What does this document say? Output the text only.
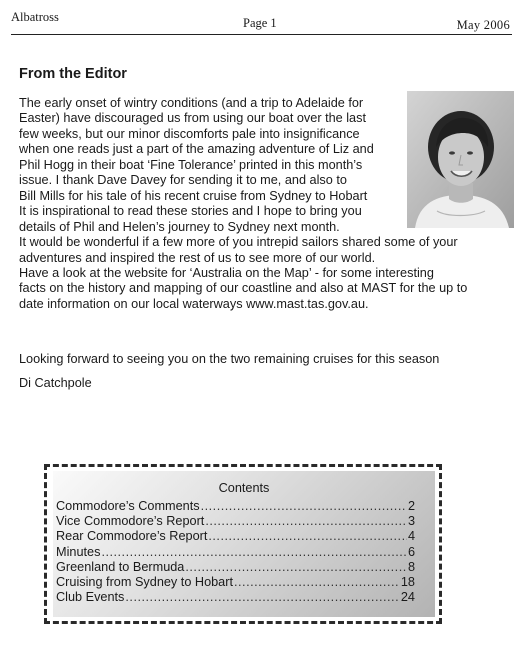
Albatross	Page 1	May 2006
From the Editor
The early onset of wintry conditions (and a trip to Adelaide for
Easter) have discouraged us from using our boat over the last
few weeks, but our minor discomforts pale into insignificance
when one reads just a part of the amazing adventure of Liz and
Phil Hogg in their boat ‘Fine Tolerance’ printed in this month’s
issue. I thank Dave Davey for sending it to me, and also to
Bill Mills for his tale of his recent cruise from Sydney to Hobart
It is inspirational to read these stories and I hope to bring you
details of Phil and Helen’s journey to Sydney next month.
It would be wonderful if a few more of you intrepid sailors shared some of your
adventures and inspired the rest of us to see more of our world.
Have a look at the website for ‘Australia on the Map’ - for some interesting
facts on the history and mapping of our coastline and also at MAST for the up to
date information on our local waterways www.mast.tas.gov.au.
Looking forward to seeing you on the two remaining cruises for this season
Di Catchpole
Contents
Commodore’s Comments .....	2
Vice Commodore’s Report .....	3
Rear Commodore’s Report .....	4
Minutes .....	6
Greenland to Bermuda .....	8
Cruising from Sydney to Hobart .....	18
Club Events .....	24
